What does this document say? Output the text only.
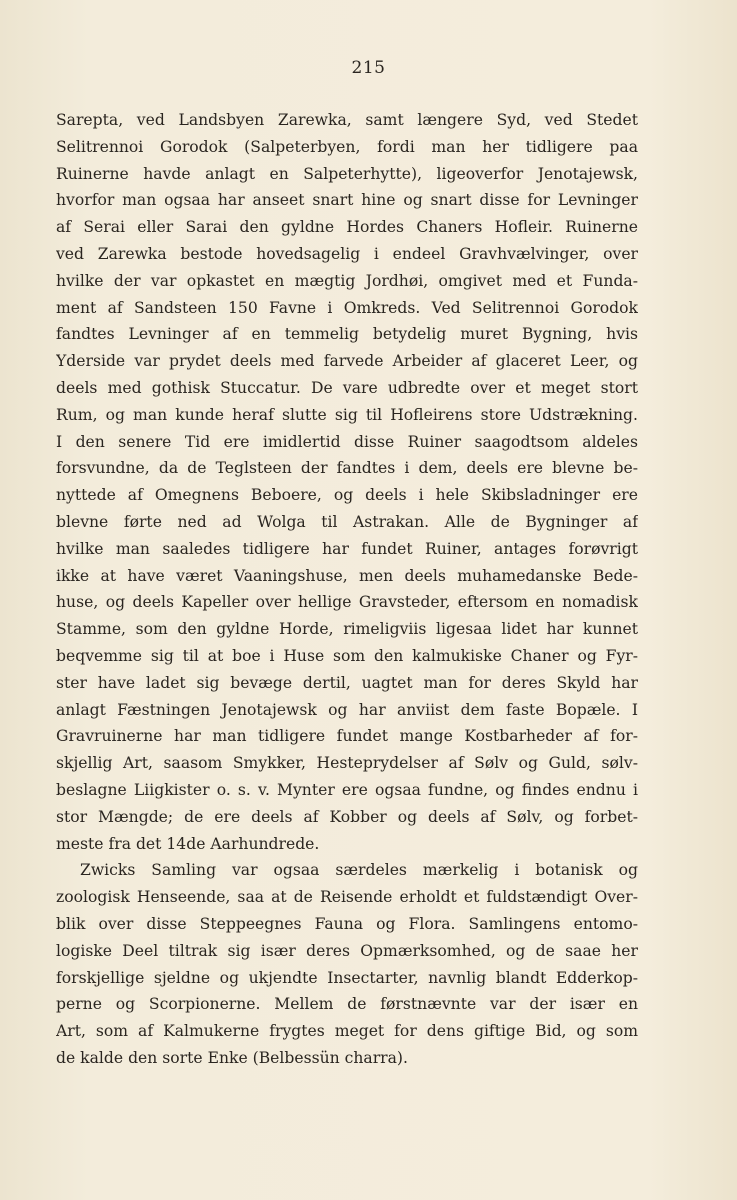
215
Sarepta, ved Landsbyen Zarewka, samt længere Syd, ved Stedet
Selitrennoi Gorodok (Salpeterbyen, fordi man her tidligere paa
Ruinerne havde anlagt en Salpeterhytte), ligeoverfor Jenotajewsk,
hvorfor man ogsaa har anseet snart hine og snart disse for Levninger
af Serai eller Sarai den gyldne Hordes Chaners Hofleir. Ruinerne
ved Zarewka bestode hovedsagelig i endeel Gravhvælvinger, over
hvilke der var opkastet en mægtig Jordhøi, omgivet med et Funda-
ment af Sandsteen 150 Favne i Omkreds. Ved Selitrennoi Gorodok
fandtes Levninger af en temmelig betydelig muret Bygning, hvis
Yderside var prydet deels med farvede Arbeider af glaceret Leer, og
deels med gothisk Stuccatur. De vare udbredte over et meget stort
Rum, og man kunde heraf slutte sig til Hofleirens store Udstrækning.
I den senere Tid ere imidlertid disse Ruiner saagodtsom aldeles
forsvundne, da de Teglsteen der fandtes i dem, deels ere blevne be-
nyttede af Omegnens Beboere, og deels i hele Skibsladninger ere
blevne førte ned ad Wolga til Astrakan. Alle de Bygninger af
hvilke man saaledes tidligere har fundet Ruiner, antages forøvrigt
ikke at have været Vaaningshuse, men deels muhamedanske Bede-
huse, og deels Kapeller over hellige Gravsteder, eftersom en nomadisk
Stamme, som den gyldne Horde, rimeligviis ligesaa lidet har kunnet
beqvemme sig til at boe i Huse som den kalmukiske Chaner og Fyr-
ster have ladet sig bevæge dertil, uagtet man for deres Skyld har
anlagt Fæstningen Jenotajewsk og har anviist dem faste Bopæle. I
Gravruinerne har man tidligere fundet mange Kostbarheder af for-
skjellig Art, saasom Smykker, Hesteprydelser af Sølv og Guld, sølv-
beslagne Liigkister o. s. v. Mynter ere ogsaa fundne, og findes endnu i
stor Mængde; de ere deels af Kobber og deels af Sølv, og forbet-
meste fra det 14de Aarhundrede.
Zwicks Samling var ogsaa særdeles mærkelig i botanisk og
zoologisk Henseende, saa at de Reisende erholdt et fuldstændigt Over-
blik over disse Steppeegnes Fauna og Flora. Samlingens entomo-
logiske Deel tiltrak sig især deres Opmærksomhed, og de saae her
forskjellige sjeldne og ukjendte Insectarter, navnlig blandt Edderkop-
perne og Scorpionerne. Mellem de førstnævnte var der især en
Art, som af Kalmukerne frygtes meget for dens giftige Bid, og som
de kalde den sorte Enke (Belbessün charra).
